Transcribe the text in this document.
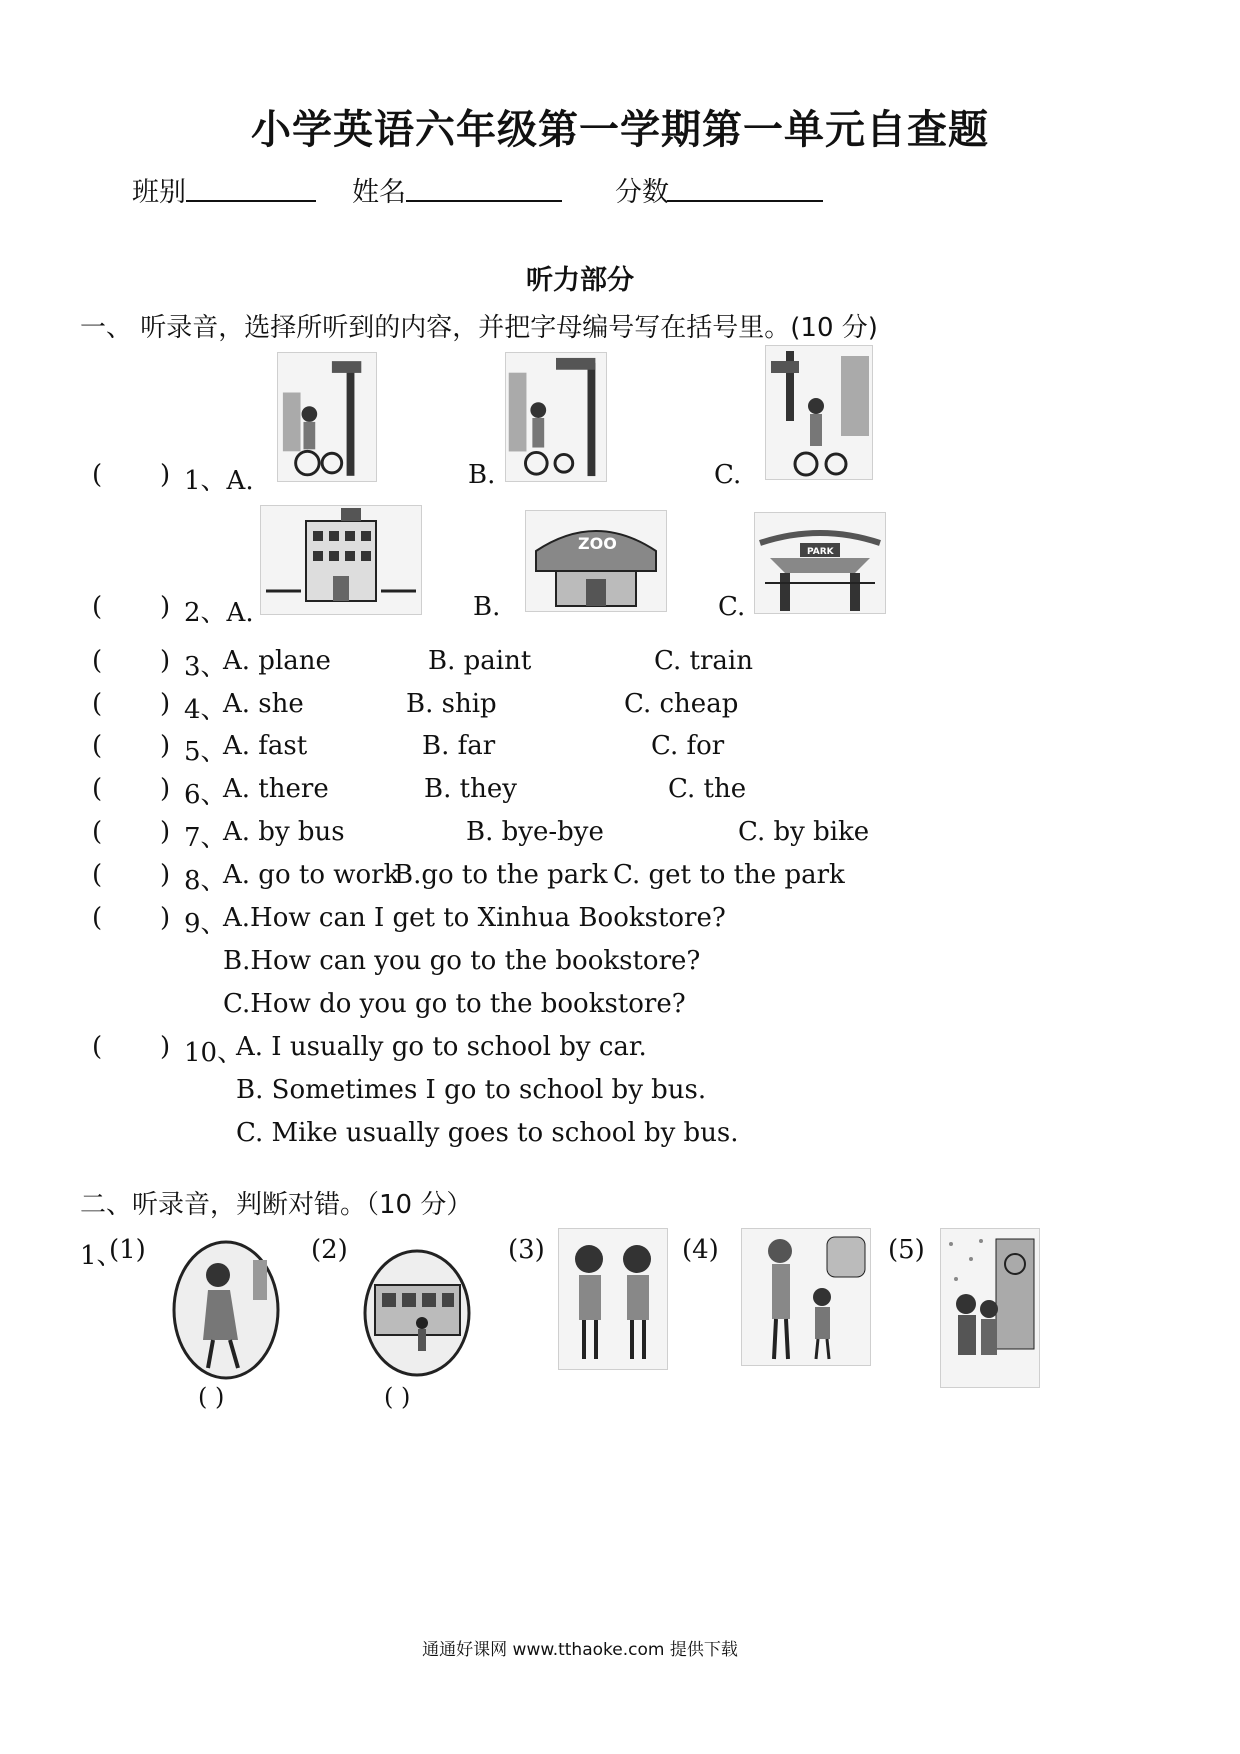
小学英语六年级第一学期第一单元自查题
班别	姓名	分数
听力部分
一、 听录音，选择所听到的内容，并把字母编号写在括号里。(10 分)
( ) 1、A.	B.	C.
( ) 2、A.	B.
ZOO
C.
PARK
( ) 3、
A. plane	B. paint	C. train
( ) 4、
A. she	B. ship	C. cheap
( ) 5、
A. fast	B. far	C. for
( ) 6、
A. there	B. they	C. the
( ) 7、
A. by bus	B. bye-bye	C. by bike
( ) 8、
A. go to work
B.go to the park C. get to the park
( ) 9、
A.How can I get to Xinhua Bookstore?
B.How can you go to the bookstore?
C.How do you go to the bookstore?
( ) 10、
A. I usually go to school by car.
B. Sometimes I go to school by bus.
C. Mike usually goes to school by bus.
二、听录音，判断对错。（10 分）
1、
(1)	(2)	(3)	(4)	(5)
( )	( )
通通好课网 www.tthaoke.com 提供下载
